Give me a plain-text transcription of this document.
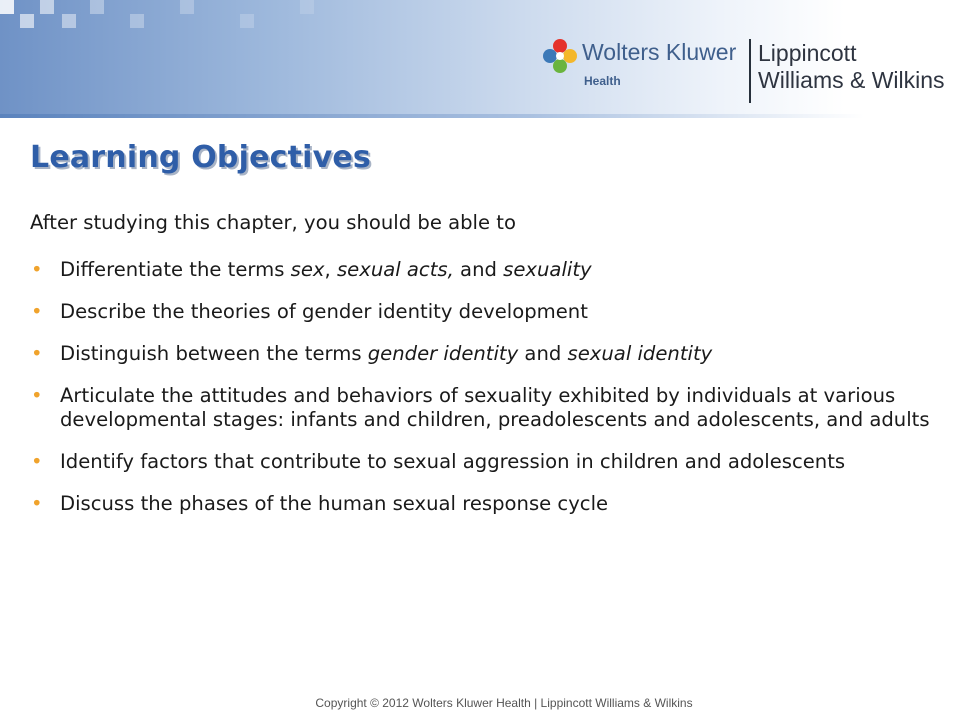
Wolters Kluwer
Health
Lippincott
Williams & Wilkins
Learning Objectives
After studying this chapter, you should be able to
• Differentiate the terms sex, sexual acts, and sexuality
• Describe the theories of gender identity development
• Distinguish between the terms gender identity and sexual identity
• Articulate the attitudes and behaviors of sexuality exhibited by individuals at various developmental stages: infants and children, preadolescents and adolescents, and adults
• Identify factors that contribute to sexual aggression in children and adolescents
• Discuss the phases of the human sexual response cycle
Copyright © 2012 Wolters Kluwer Health | Lippincott Williams & Wilkins
